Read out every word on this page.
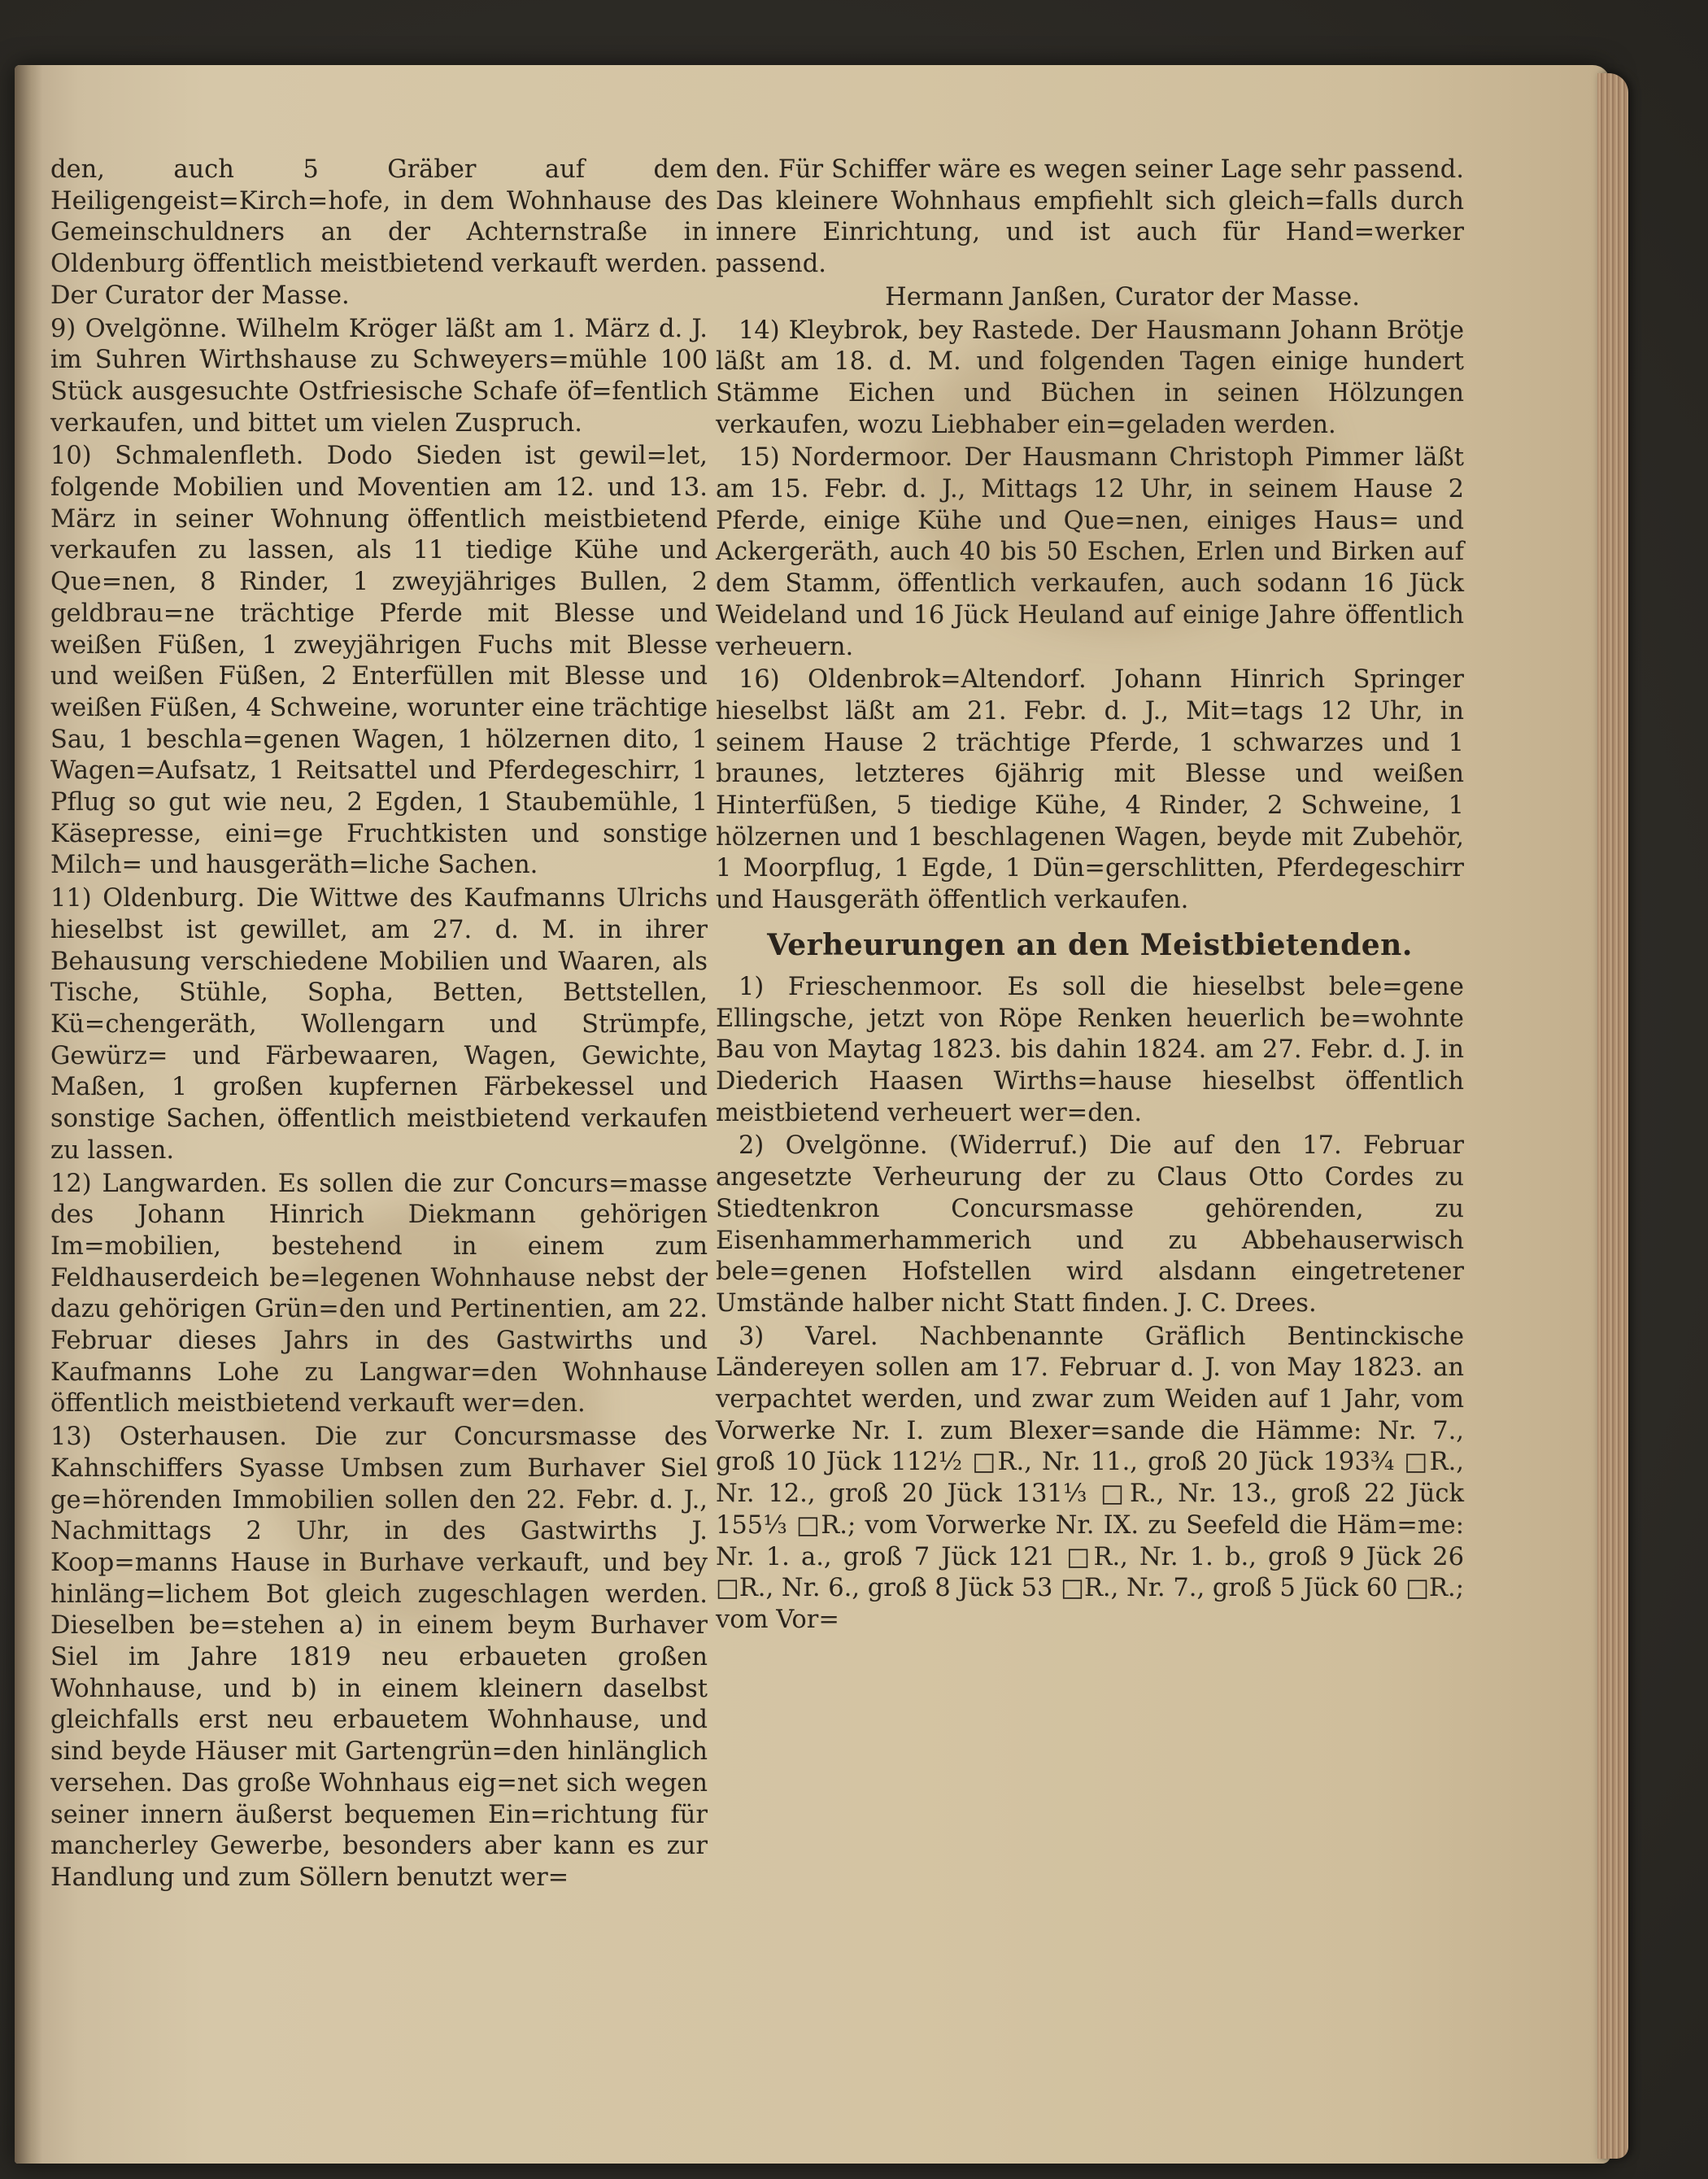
den, auch 5 Gräber auf dem Heiligengeist=Kirch=hofe, in dem Wohnhause des Gemeinschuldners an der Achternstraße in Oldenburg öffentlich meistbietend verkauft werden. Der Curator der Masse.

9) Ovelgönne. Wilhelm Kröger läßt am 1. März d. J. im Suhren Wirthshause zu Schweyers=mühle 100 Stück ausgesuchte Ostfriesische Schafe öf=fentlich verkaufen, und bittet um vielen Zuspruch.

10) Schmalenfleth. Dodo Sieden ist gewil=let, folgende Mobilien und Moventien am 12. und 13. März in seiner Wohnung öffentlich meistbietend verkaufen zu lassen, als 11 tiedige Kühe und Que=nen, 8 Rinder, 1 zweyjähriges Bullen, 2 geldbrau=ne trächtige Pferde mit Blesse und weißen Füßen, 1 zweyjährigen Fuchs mit Blesse und weißen Füßen, 2 Enterfüllen mit Blesse und weißen Füßen, 4 Schweine, worunter eine trächtige Sau, 1 beschla=genen Wagen, 1 hölzernen dito, 1 Wagen=Aufsatz, 1 Reitsattel und Pferdegeschirr, 1 Pflug so gut wie neu, 2 Egden, 1 Staubemühle, 1 Käsepresse, eini=ge Fruchtkisten und sonstige Milch= und hausgeräth=liche Sachen.

11) Oldenburg. Die Wittwe des Kaufmanns Ulrichs hieselbst ist gewillet, am 27. d. M. in ihrer Behausung verschiedene Mobilien und Waaren, als Tische, Stühle, Sopha, Betten, Bettstellen, Kü=chengeräth, Wollengarn und Strümpfe, Gewürz= und Färbewaaren, Wagen, Gewichte, Maßen, 1 großen kupfernen Färbekessel und sonstige Sachen, öffentlich meistbietend verkaufen zu lassen.

12) Langwarden. Es sollen die zur Concurs=masse des Johann Hinrich Diekmann gehörigen Im=mobilien, bestehend in einem zum Feldhauserdeich be=legenen Wohnhause nebst der dazu gehörigen Grün=den und Pertinentien, am 22. Februar dieses Jahrs in des Gastwirths und Kaufmanns Lohe zu Langwar=den Wohnhause öffentlich meistbietend verkauft wer=den.

13) Osterhausen. Die zur Concursmasse des Kahnschiffers Syasse Umbsen zum Burhaver Siel ge=hörenden Immobilien sollen den 22. Febr. d. J., Nachmittags 2 Uhr, in des Gastwirths J. Koop=manns Hause in Burhave verkauft, und bey hinläng=lichem Bot gleich zugeschlagen werden. Dieselben be=stehen a) in einem beym Burhaver Siel im Jahre 1819 neu erbaueten großen Wohnhause, und b) in einem kleinern daselbst gleichfalls erst neu erbauetem Wohnhause, und sind beyde Häuser mit Gartengrün=den hinlänglich versehen. Das große Wohnhaus eig=net sich wegen seiner innern äußerst bequemen Ein=richtung für mancherley Gewerbe, besonders aber kann es zur Handlung und zum Söllern benutzt wer=

den. Für Schiffer wäre es wegen seiner Lage sehr passend. Das kleinere Wohnhaus empfiehlt sich gleich=falls durch innere Einrichtung, und ist auch für Hand=werker passend.

Hermann Janßen, Curator der Masse.

14) Kleybrok, bey Rastede. Der Hausmann Johann Brötje läßt am 18. d. M. und folgenden Tagen einige hundert Stämme Eichen und Büchen in seinen Hölzungen verkaufen, wozu Liebhaber ein=geladen werden.

15) Nordermoor. Der Hausmann Christoph Pimmer läßt am 15. Febr. d. J., Mittags 12 Uhr, in seinem Hause 2 Pferde, einige Kühe und Que=nen, einiges Haus= und Ackergeräth, auch 40 bis 50 Eschen, Erlen und Birken auf dem Stamm, öffentlich verkaufen, auch sodann 16 Jück Weideland und 16 Jück Heuland auf einige Jahre öffentlich verheuern.

16) Oldenbrok=Altendorf. Johann Hinrich Springer hieselbst läßt am 21. Febr. d. J., Mit=tags 12 Uhr, in seinem Hause 2 trächtige Pferde, 1 schwarzes und 1 braunes, letzteres 6jährig mit Blesse und weißen Hinterfüßen, 5 tiedige Kühe, 4 Rinder, 2 Schweine, 1 hölzernen und 1 beschlagenen Wagen, beyde mit Zubehör, 1 Moorpflug, 1 Egde, 1 Dün=gerschlitten, Pferdegeschirr und Hausgeräth öffentlich verkaufen.

Verheurungen an den Meistbietenden.

1) Frieschenmoor. Es soll die hieselbst bele=gene Ellingsche, jetzt von Röpe Renken heuerlich be=wohnte Bau von Maytag 1823. bis dahin 1824. am 27. Febr. d. J. in Diederich Haasen Wirths=hause hieselbst öffentlich meistbietend verheuert wer=den.

2) Ovelgönne. (Widerruf.) Die auf den 17. Februar angesetzte Verheurung der zu Claus Otto Cordes zu Stiedtenkron Concursmasse gehörenden, zu Eisenhammerhammerich und zu Abbehauserwisch bele=genen Hofstellen wird alsdann eingetretener Umstände halber nicht Statt finden. J. C. Drees.

3) Varel. Nachbenannte Gräflich Bentinckische Ländereyen sollen am 17. Februar d. J. von May 1823. an verpachtet werden, und zwar zum Weiden auf 1 Jahr, vom Vorwerke Nr. I. zum Blexer=sande die Hämme: Nr. 7., groß 10 Jück 112½ □R., Nr. 11., groß 20 Jück 193¾ □R., Nr. 12., groß 20 Jück 131⅓ □R., Nr. 13., groß 22 Jück 155⅓ □R.; vom Vorwerke Nr. IX. zu Seefeld die Häm=me: Nr. 1. a., groß 7 Jück 121 □R., Nr. 1. b., groß 9 Jück 26 □R., Nr. 6., groß 8 Jück 53 □R., Nr. 7., groß 5 Jück 60 □R.; vom Vor=
